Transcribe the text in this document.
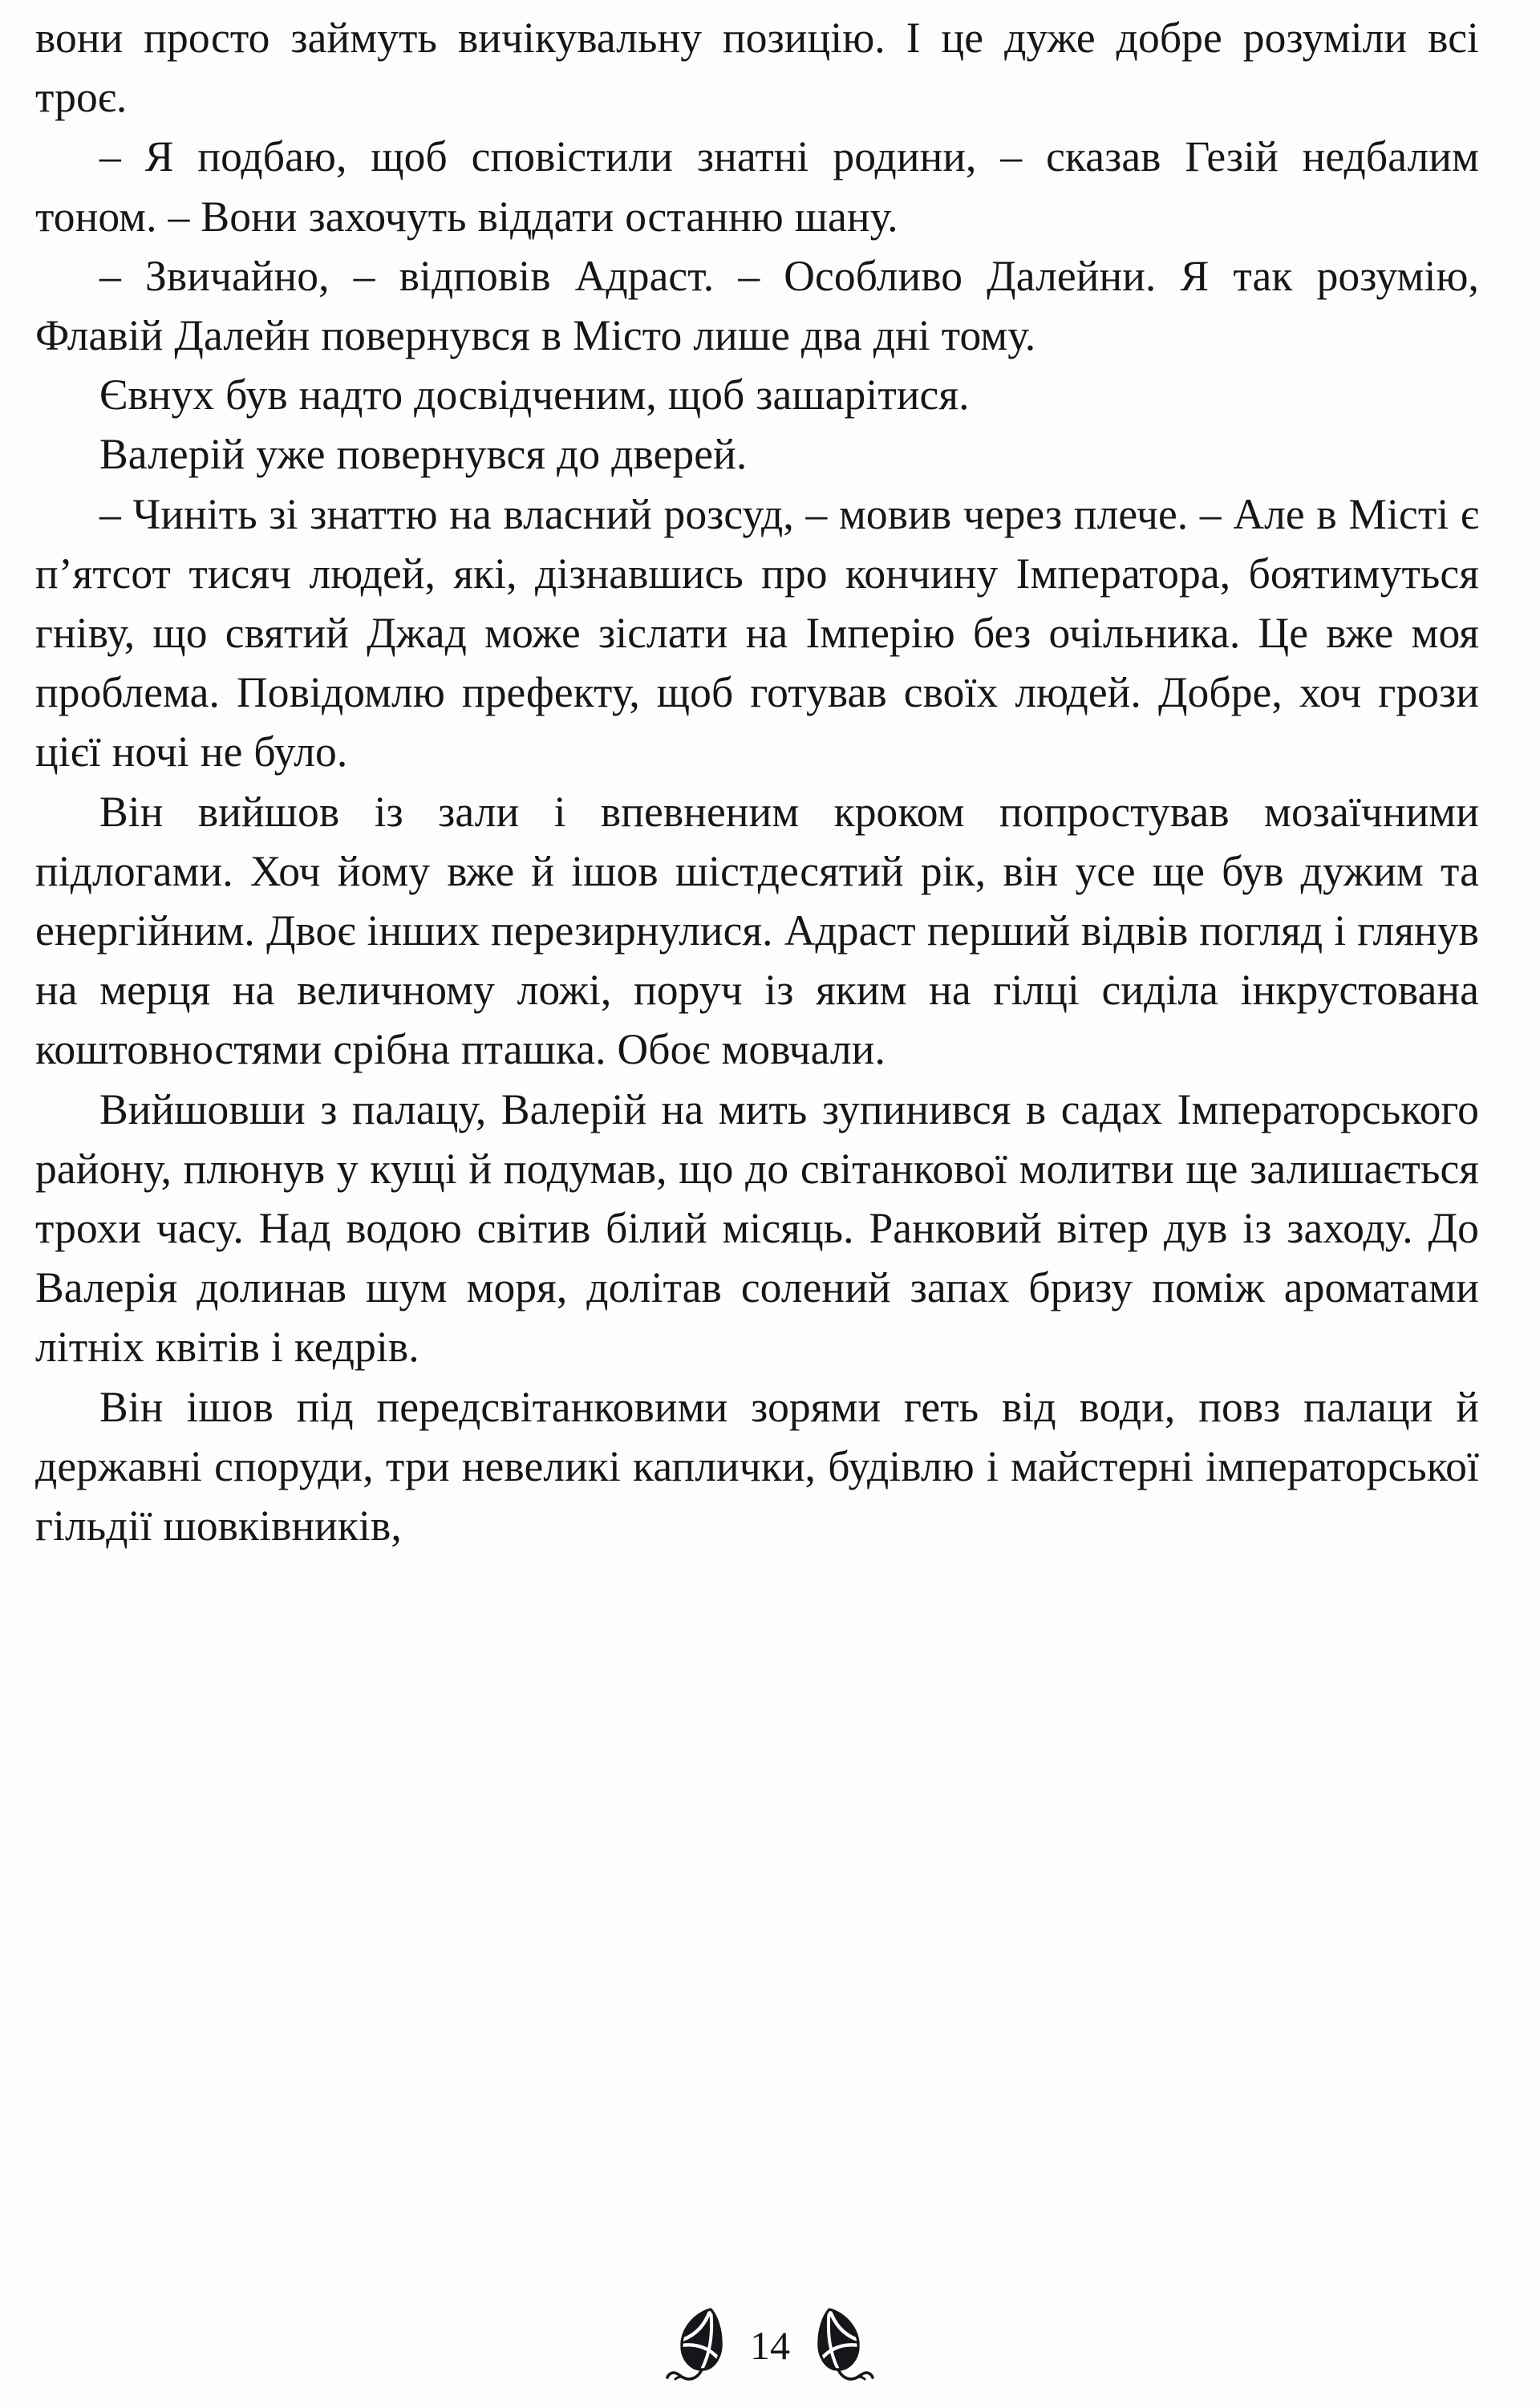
вони просто займуть вичікувальну позицію. І це дуже добре розуміли всі троє.

– Я подбаю, щоб сповістили знатні родини, – сказав Гезій недбалим тоном. – Вони захочуть віддати останню шану.

– Звичайно, – відповів Адраст. – Особливо Далейни. Я так розумію, Флавій Далейн повернувся в Місто лише два дні тому.

Євнух був надто досвідченим, щоб зашарітися.

Валерій уже повернувся до дверей.

– Чиніть зі знаттю на власний розсуд, – мовив через плече. – Але в Місті є п’ятсот тисяч людей, які, дізнавшись про кончину Імператора, боятимуться гніву, що святий Джад може зіслати на Імперію без очільника. Це вже моя проблема. Повідомлю префекту, щоб готував своїх людей. Добре, хоч грози цієї ночі не було.

Він вийшов із зали і впевненим кроком попростував мозаїчними підлогами. Хоч йому вже й ішов шістдесятий рік, він усе ще був дужим та енергійним. Двоє інших перезирнулися. Адраст перший відвів погляд і глянув на мерця на величному ложі, поруч із яким на гілці сиділа інкрустована коштовностями срібна пташка. Обоє мовчали.

Вийшовши з палацу, Валерій на мить зупинився в садах Імператорського району, плюнув у кущі й подумав, що до світанкової молитви ще залишається трохи часу. Над водою світив білий місяць. Ранковий вітер дув із заходу. До Валерія долинав шум моря, долітав солений запах бризу поміж ароматами літніх квітів і кедрів.

Він ішов під передсвітанковими зорями геть від води, повз палаци й державні споруди, три невеликі каплички, будівлю і майстерні імператорської гільдії шовківників,

14
